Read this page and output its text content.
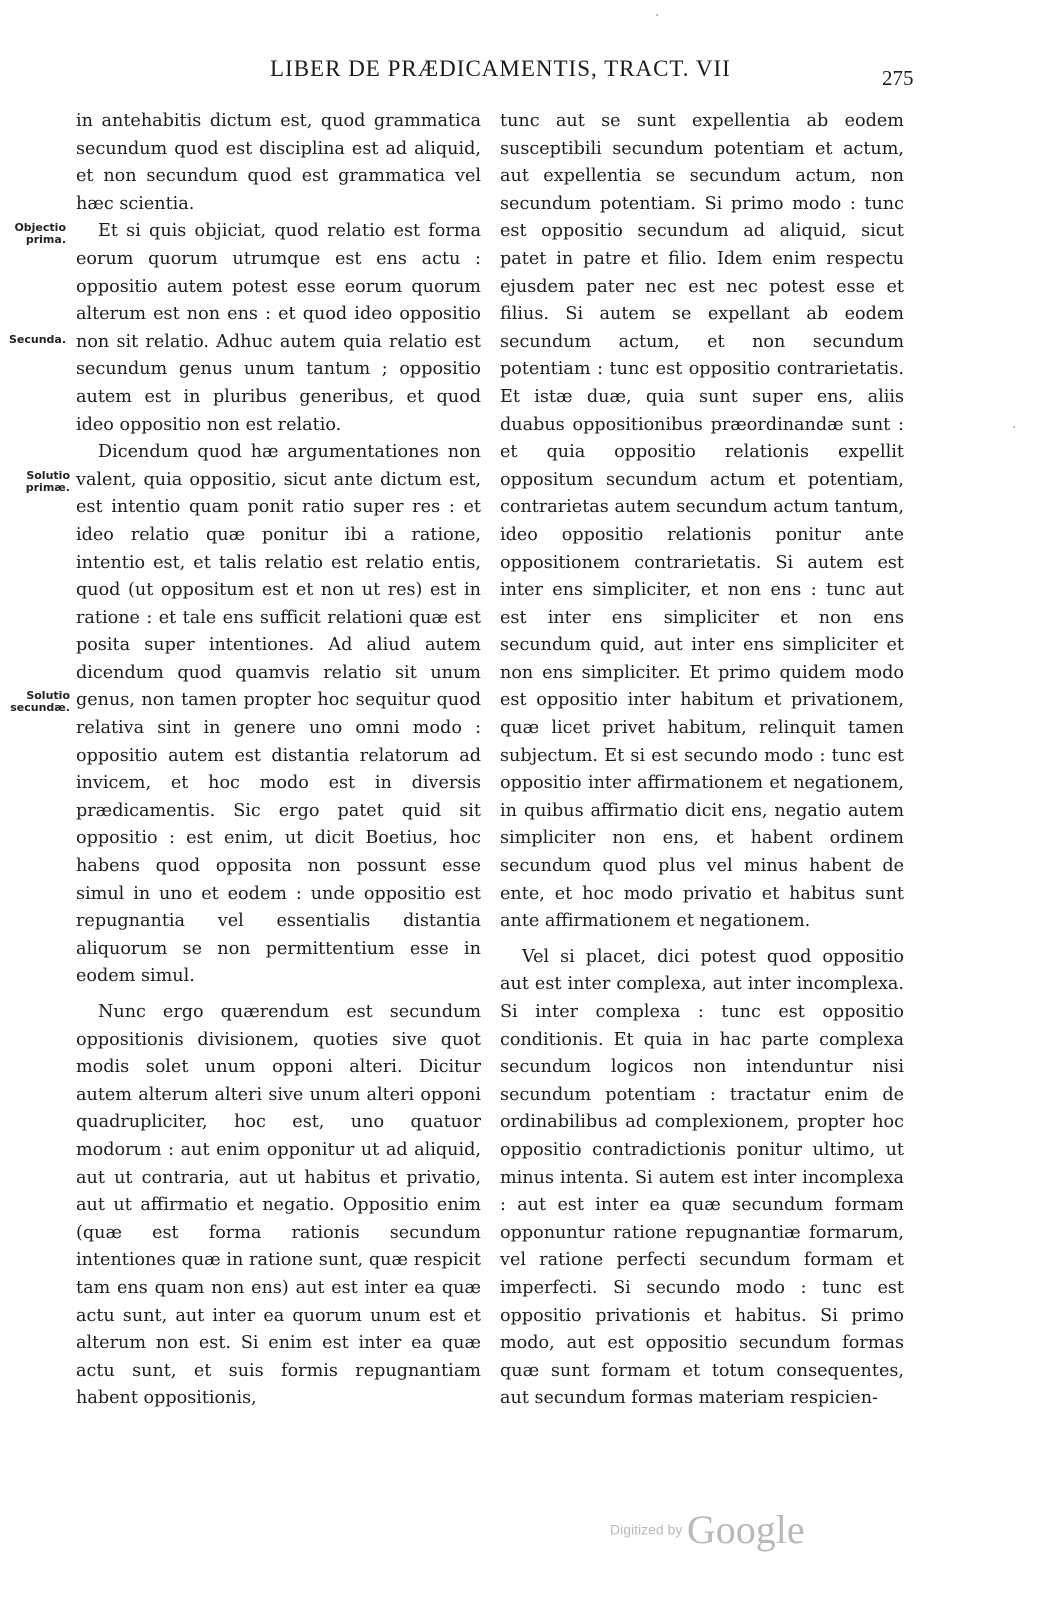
LIBER DE PRÆDICAMENTIS, TRACT. VII	275
Objectio prima.
Secunda.
Solutio primæ.
Solutio secundæ.

in antehabitis dictum est, quod grammatica secundum quod est disciplina est ad aliquid, et non secundum quod est grammatica vel hæc scientia.

Et si quis objiciat, quod relatio est forma eorum quorum utrumque est ens actu : oppositio autem potest esse eorum quorum alterum est non ens : et quod ideo oppositio non sit relatio. Adhuc autem quia relatio est secundum genus unum tantum ; oppositio autem est in pluribus generibus, et quod ideo oppositio non est relatio.

Dicendum quod hæ argumentationes non valent, quia oppositio, sicut ante dictum est, est intentio quam ponit ratio super res : et ideo relatio quæ ponitur ibi a ratione, intentio est, et talis relatio est relatio entis, quod (ut oppositum est et non ut res) est in ratione : et tale ens sufficit relationi quæ est posita super intentiones. Ad aliud autem dicendum quod quamvis relatio sit unum genus, non tamen propter hoc sequitur quod relativa sint in genere uno omni modo : oppositio autem est distantia relatorum ad invicem, et hoc modo est in diversis prædicamentis. Sic ergo patet quid sit oppositio : est enim, ut dicit Boetius, hoc habens quod opposita non possunt esse simul in uno et eodem : unde oppositio est repugnantia vel essentialis distantia aliquorum se non permittentium esse in eodem simul.

Nunc ergo quærendum est secundum oppositionis divisionem, quoties sive quot modis solet unum opponi alteri. Dicitur autem alterum alteri sive unum alteri opponi quadrupliciter, hoc est, uno quatuor modorum : aut enim opponitur ut ad aliquid, aut ut contraria, aut ut habitus et privatio, aut ut affirmatio et negatio. Oppositio enim (quæ est forma rationis secundum intentiones quæ in ratione sunt, quæ respicit tam ens quam non ens) aut est inter ea quæ actu sunt, aut inter ea quorum unum est et alterum non est. Si enim est inter ea quæ actu sunt, et suis formis repugnantiam habent oppositionis,

tunc aut se sunt expellentia ab eodem susceptibili secundum potentiam et actum, aut expellentia se secundum actum, non secundum potentiam. Si primo modo : tunc est oppositio secundum ad aliquid, sicut patet in patre et filio. Idem enim respectu ejusdem pater nec est nec potest esse et filius. Si autem se expellant ab eodem secundum actum, et non secundum potentiam : tunc est oppositio contrarietatis. Et istæ duæ, quia sunt super ens, aliis duabus oppositionibus præordinandæ sunt : et quia oppositio relationis expellit oppositum secundum actum et potentiam, contrarietas autem secundum actum tantum, ideo oppositio relationis ponitur ante oppositionem contrarietatis. Si autem est inter ens simpliciter, et non ens : tunc aut est inter ens simpliciter et non ens secundum quid, aut inter ens simpliciter et non ens simpliciter. Et primo quidem modo est oppositio inter habitum et privationem, quæ licet privet habitum, relinquit tamen subjectum. Et si est secundo modo : tunc est oppositio inter affirmationem et negationem, in quibus affirmatio dicit ens, negatio autem simpliciter non ens, et habent ordinem secundum quod plus vel minus habent de ente, et hoc modo privatio et habitus sunt ante affirmationem et negationem.

Vel si placet, dici potest quod oppositio aut est inter complexa, aut inter incomplexa. Si inter complexa : tunc est oppositio conditionis. Et quia in hac parte complexa secundum logicos non intenduntur nisi secundum potentiam : tractatur enim de ordinabilibus ad complexionem, propter hoc oppositio contradictionis ponitur ultimo, ut minus intenta. Si autem est inter incomplexa : aut est inter ea quæ secundum formam opponuntur ratione repugnantiæ formarum, vel ratione perfecti secundum formam et imperfecti. Si secundo modo : tunc est oppositio privationis et habitus. Si primo modo, aut est oppositio secundum formas quæ sunt formam et totum consequentes, aut secundum formas materiam respicien-

·
·
Digitized by Google
